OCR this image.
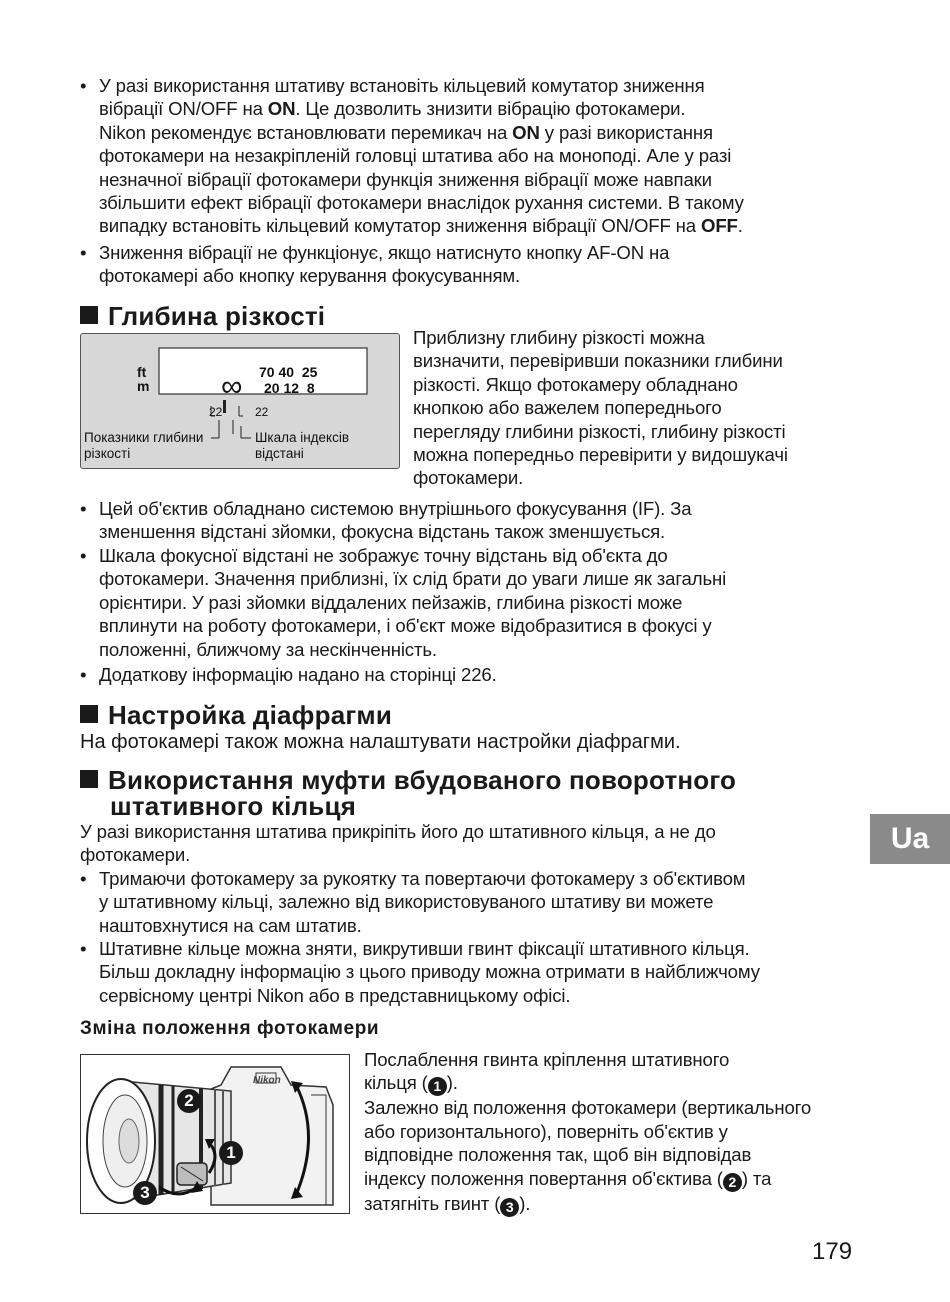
• У разі використання штативу встановіть кільцевий комутатор зниження
вібрації ON/OFF на ON. Це дозволить знизити вібрацію фотокамери.
Nikon рекомендує встановлювати перемикач на ON у разі використання
фотокамери на незакріпленій головці штатива або на моноподі. Але у разі
незначної вібрації фотокамери функція зниження вібрації може навпаки
збільшити ефект вібрації фотокамери внаслідок рухання системи. В такому
випадку встановіть кільцевий комутатор зниження вібрації ON/OFF на OFF.
• Зниження вібрації не функціонує, якщо натиснуто кнопку AF-ON на
фотокамері або кнопку керування фокусуванням.
Глибина різкості
ft
m
70 40  25
∞ 20 12  8
22	22
Показники глибини
різкості
Шкала індексів
відстані
Приблизну глибину різкості можна
визначити, перевіривши показники глибини
різкості. Якщо фотокамеру обладнано
кнопкою або важелем попереднього
перегляду глибини різкості, глибину різкості
можна попередньо перевірити у видошукачі
фотокамери.
• Цей об'єктив обладнано системою внутрішнього фокусування (IF). За
зменшення відстані зйомки, фокусна відстань також зменшується.
• Шкала фокусної відстані не зображує точну відстань від об'єкта до
фотокамери. Значення приблизні, їх слід брати до уваги лише як загальні
орієнтири. У разі зйомки віддалених пейзажів, глибина різкості може
вплинути на роботу фотокамери, і об'єкт може відобразитися в фокусі у
положенні, ближчому за нескінченність.
• Додаткову інформацію надано на сторінці 226.
Настройка діафрагми
На фотокамері також можна налаштувати настройки діафрагми.
Використання муфти вбудованого поворотного
штативного кільця
У разі використання штатива прикріпіть його до штативного кільця, а не до
фотокамери.
• Тримаючи фотокамеру за рукоятку та повертаючи фотокамеру з об'єктивом
у штативному кільці, залежно від використовуваного штативу ви можете
наштовхнутися на сам штатив.
• Штативне кільце можна зняти, викрутивши гвинт фіксації штативного кільця.
Більш докладну інформацію з цього приводу можна отримати в найближчому
сервісному центрі Nikon або в представницькому офісі.
Зміна положення фотокамери
2
1
3
Nikon
Послаблення гвинта кріплення штативного
кільця ( 1 ).
Залежно від положення фотокамери (вертикального
або горизонтального), поверніть об'єктив у
відповідне положення так, щоб він відповідав
індексу положення повертання об'єктива ( 2 ) та
затягніть гвинт ( 3 ).
Ua
179
